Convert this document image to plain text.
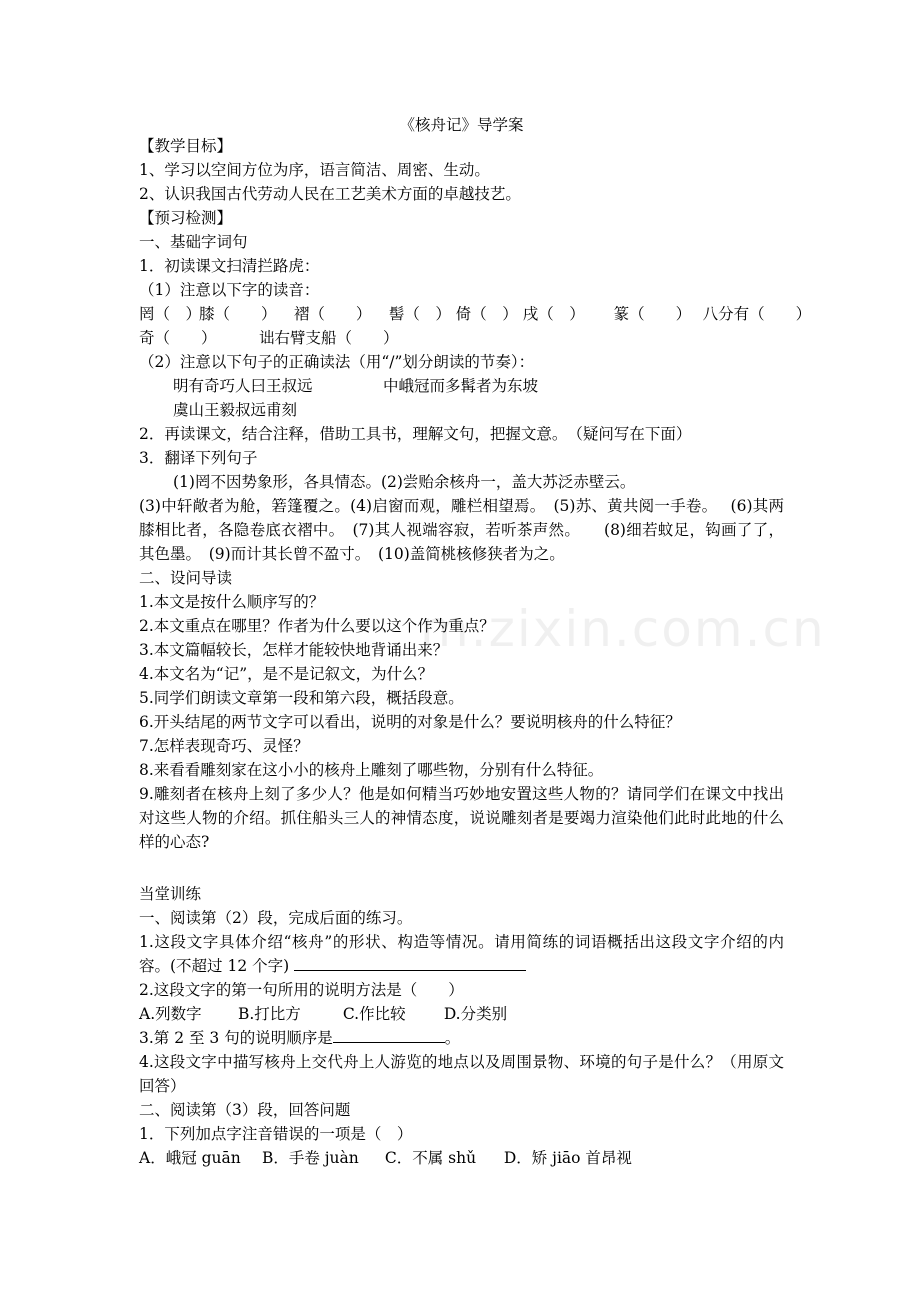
m.zixin.com.cn
《核舟记》导学案
【教学目标】
1、学习以空间方位为序，语言简洁、周密、生动。
2、认识我国古代劳动人民在工艺美术方面的卓越技艺。
【预习检测】
一、基础字词句
1．初读课文扫清拦路虎：
（1）注意以下字的读音：
罔（　） 膝（　　） 褶（　　） 髻（　） 倚（　） 戌（　） 篆（　　） 八分有（　　）
奇（　　）	诎右臂支船（　　）
（2）注意以下句子的正确读法（用“/”划分朗读的节奏）：
明有奇巧人曰王叔远	中峨冠而多髯者为东坡
虞山王毅叔远甫刻
2．再读课文，结合注释，借助工具书，理解文句，把握文意。　（疑问写在下面）
3．翻译下列句子
(1)罔不因势象形，各具情态。(2)尝贻余核舟一，盖大苏泛赤壁云。
(3)中轩敞者为舱，箬篷覆之。(4)启窗而观，雕栏相望焉。　(5)苏、黄共阅一手卷。　 (6)其两膝相比者，各隐卷底衣褶中。　(7)其人视端容寂，若听茶声然。　　(8)细若蚊足，钩画了了，其色墨。　(9)而计其长曾不盈寸。　(10)盖简桃核修狭者为之。
二、设问导读
1.本文是按什么顺序写的？
2.本文重点在哪里？作者为什么要以这个作为重点？
3.本文篇幅较长，怎样才能较快地背诵出来？
4.本文名为“记”，是不是记叙文，为什么？
5.同学们朗读文章第一段和第六段，概括段意。
6.开头结尾的两节文字可以看出，说明的对象是什么？要说明核舟的什么特征？
7.怎样表现奇巧、灵怪？
8.来看看雕刻家在这小小的核舟上雕刻了哪些物，分别有什么特征。
9.雕刻者在核舟上刻了多少人？他是如何精当巧妙地安置这些人物的？请同学们在课文中找出对这些人物的介绍。抓住船头三人的神情态度，说说雕刻者是要竭力渲染他们此时此地的什么样的心态?
当堂训练
一、阅读第（2）段，完成后面的练习。
1.这段文字具体介绍“核舟”的形状、构造等情况。请用简练的词语概括出这段文字介绍的内容。(不超过 12 个字)
2.这段文字的第一句所用的说明方法是（　　）
A.列数字 B.打比方	C.作比较 D.分类别
3.第 2 至 3 句的说明顺序是	。
4.这段文字中描写核舟上交代舟上人游览的地点以及周围景物、环境的句子是什么？（用原文回答）
二、阅读第（3）段，回答问题
1．下列加点字注音错误的一项是（　）
A．峨冠 guān B．手卷 juàn C．不属 shǔ D．矫 jiāo 首昂视
